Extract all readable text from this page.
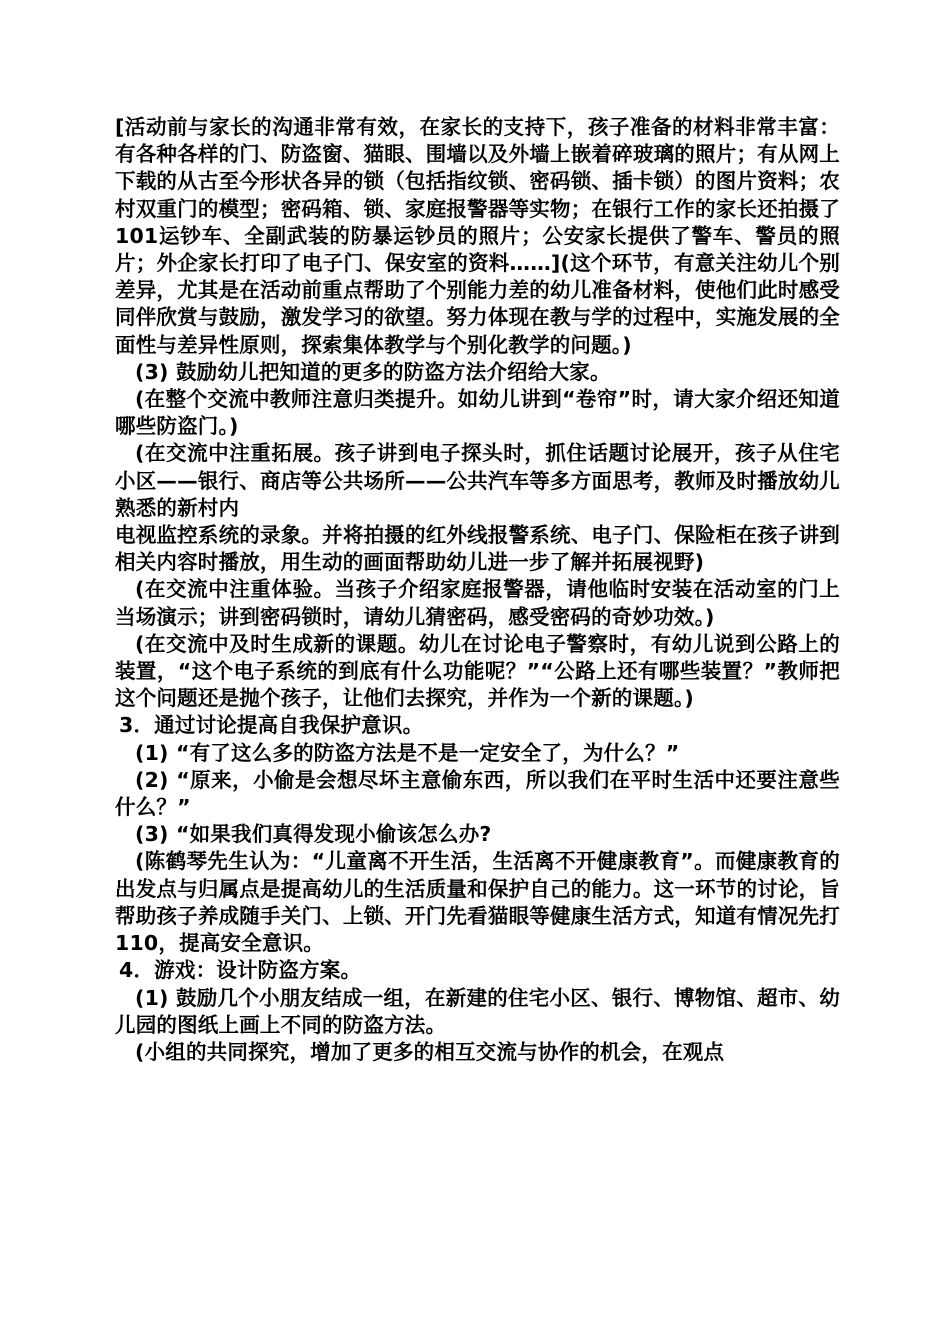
[活动前与家长的沟通非常有效，在家长的支持下，孩子准备的材料非常丰富：有各种各样的门、防盗窗、猫眼、围墙以及外墙上嵌着碎玻璃的照片；有从网上下载的从古至今形状各异的锁（包括指纹锁、密码锁、插卡锁）的图片资料；农村双重门的模型；密码箱、锁、家庭报警器等实物；在银行工作的家长还拍摄了101运钞车、全副武装的防暴运钞员的照片；公安家长提供了警车、警员的照片；外企家长打印了电子门、保安室的资料……](这个环节，有意关注幼儿个别差异，尤其是在活动前重点帮助了个别能力差的幼儿准备材料，使他们此时感受同伴欣赏与鼓励，激发学习的欲望。努力体现在教与学的过程中，实施发展的全面性与差异性原则，探索集体教学与个别化教学的问题。)

(3) 鼓励幼儿把知道的更多的防盗方法介绍给大家。

(在整个交流中教师注意归类提升。如幼儿讲到“卷帘”时，请大家介绍还知道哪些防盗门。)

(在交流中注重拓展。孩子讲到电子探头时，抓住话题讨论展开，孩子从住宅小区——银行、商店等公共场所——公共汽车等多方面思考，教师及时播放幼儿熟悉的新村内

电视监控系统的录象。并将拍摄的红外线报警系统、电子门、保险柜在孩子讲到相关内容时播放，用生动的画面帮助幼儿进一步了解并拓展视野)

(在交流中注重体验。当孩子介绍家庭报警器，请他临时安装在活动室的门上当场演示；讲到密码锁时，请幼儿猜密码，感受密码的奇妙功效。)

(在交流中及时生成新的课题。幼儿在讨论电子警察时，有幼儿说到公路上的装置，“这个电子系统的到底有什么功能呢？”“公路上还有哪些装置？”教师把这个问题还是抛个孩子，让他们去探究，并作为一个新的课题。)

3．通过讨论提高自我保护意识。

(1) “有了这么多的防盗方法是不是一定安全了，为什么？”

(2) “原来，小偷是会想尽坏主意偷东西，所以我们在平时生活中还要注意些什么？”

(3) “如果我们真得发现小偷该怎么办?

(陈鹤琴先生认为：“儿童离不开生活，生活离不开健康教育”。而健康教育的出发点与归属点是提高幼儿的生活质量和保护自己的能力。这一环节的讨论，旨帮助孩子养成随手关门、上锁、开门先看猫眼等健康生活方式，知道有情况先打110，提高安全意识。

4．游戏：设计防盗方案。

(1) 鼓励几个小朋友结成一组，在新建的住宅小区、银行、博物馆、超市、幼儿园的图纸上画上不同的防盗方法。

(小组的共同探究，增加了更多的相互交流与协作的机会，在观点
